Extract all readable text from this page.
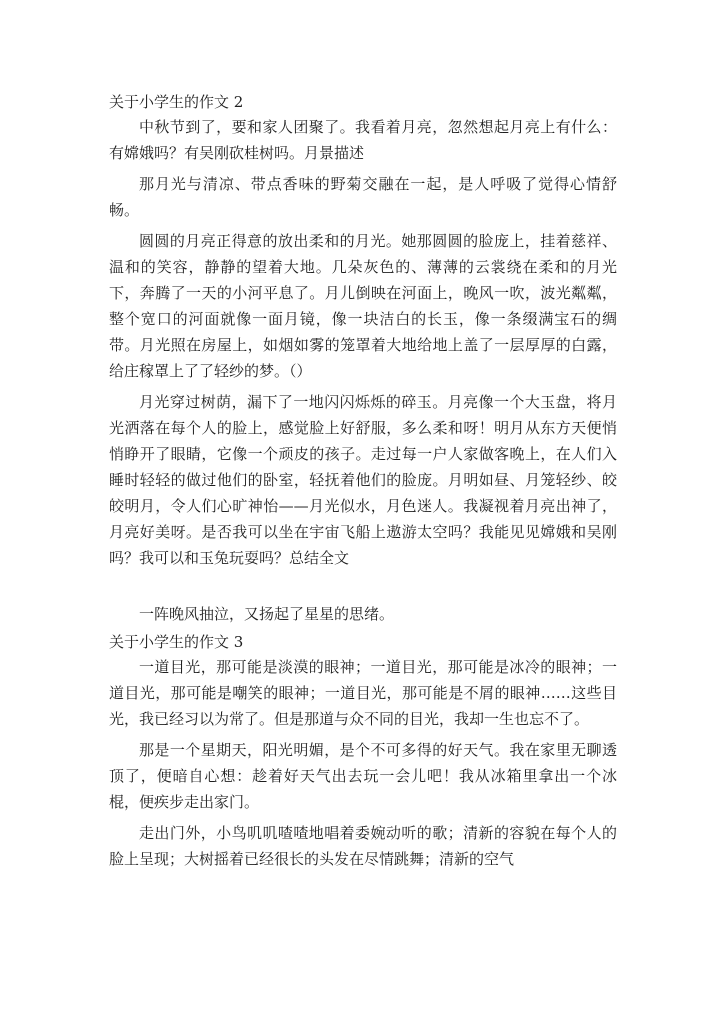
关于小学生的作文 2

中秋节到了，要和家人团聚了。我看着月亮，忽然想起月亮上有什么：有嫦娥吗？有吴刚砍桂树吗。月景描述

那月光与清凉、带点香味的野菊交融在一起，是人呼吸了觉得心情舒畅。

圆圆的月亮正得意的放出柔和的月光。她那圆圆的脸庞上，挂着慈祥、温和的笑容，静静的望着大地。几朵灰色的、薄薄的云裳绕在柔和的月光下，奔腾了一天的小河平息了。月儿倒映在河面上，晚风一吹，波光粼粼，整个宽口的河面就像一面月镜，像一块洁白的长玉，像一条缀满宝石的绸带。月光照在房屋上，如烟如雾的笼罩着大地给地上盖了一层厚厚的白露，给庄稼罩上了了轻纱的梦。（）

月光穿过树荫，漏下了一地闪闪烁烁的碎玉。月亮像一个大玉盘，将月光洒落在每个人的脸上，感觉脸上好舒服，多么柔和呀！明月从东方天便悄悄睁开了眼睛，它像一个顽皮的孩子。走过每一户人家做客晚上，在人们入睡时轻轻的做过他们的卧室，轻抚着他们的脸庞。月明如昼、月笼轻纱、皎皎明月，令人们心旷神怡——月光似水，月色迷人。我凝视着月亮出神了，月亮好美呀。是否我可以坐在宇宙飞船上遨游太空吗？我能见见嫦娥和吴刚吗？我可以和玉兔玩耍吗？总结全文

一阵晚风抽泣，又扬起了星星的思绪。

关于小学生的作文 3

一道目光，那可能是淡漠的眼神；一道目光，那可能是冰冷的眼神；一道目光，那可能是嘲笑的眼神；一道目光，那可能是不屑的眼神……这些目光，我已经习以为常了。但是那道与众不同的目光，我却一生也忘不了。

那是一个星期天，阳光明媚，是个不可多得的好天气。我在家里无聊透顶了，便暗自心想：趁着好天气出去玩一会儿吧！我从冰箱里拿出一个冰棍，便疾步走出家门。

走出门外，小鸟叽叽喳喳地唱着委婉动听的歌；清新的容貌在每个人的脸上呈现；大树摇着已经很长的头发在尽情跳舞；清新的空气
